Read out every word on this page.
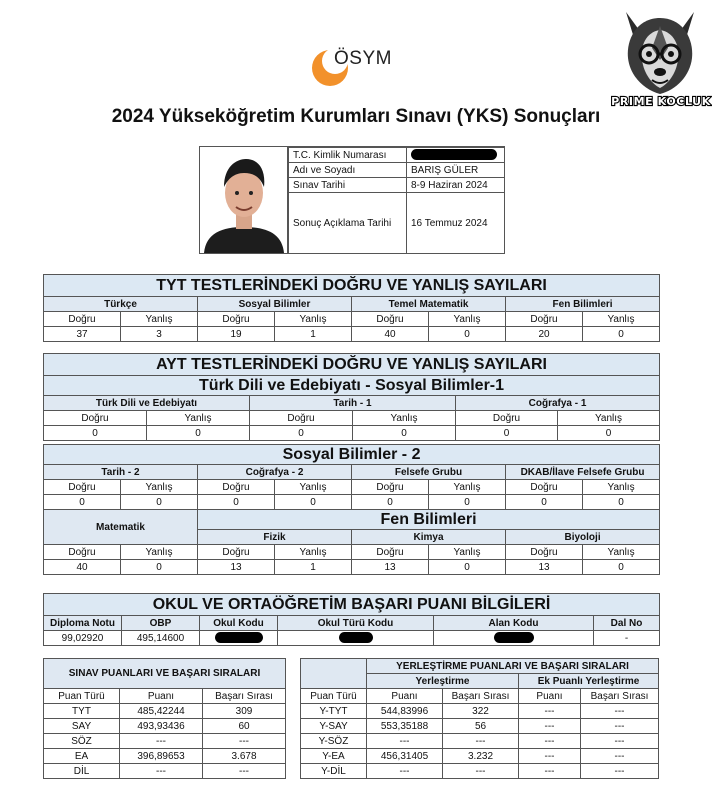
ÖSYM
PRIME KOCLUK
2024 Yükseköğretim Kurumları Sınavı (YKS) Sonuçları
T.C. Kimlik Numarası	
Adı ve Soyadı	BARIŞ GÜLER
Sınav Tarihi	8-9 Haziran 2024
Sonuç Açıklama Tarihi	16 Temmuz 2024
TYT TESTLERİNDEKİ DOĞRU VE YANLIŞ SAYILARI							
Türkçe		Sosyal Bilimler		Temel Matematik		Fen Bilimleri	
Doğru	Yanlış	Doğru	Yanlış	Doğru	Yanlış	Doğru	Yanlış
37	3	19	1	40	0	20	0
AYT TESTLERİNDEKİ DOĞRU VE YANLIŞ SAYILARI					
Türk Dili ve Edebiyatı - Sosyal Bilimler-1					
Türk Dili ve Edebiyatı		Tarih - 1		Coğrafya - 1	
Doğru	Yanlış	Doğru	Yanlış	Doğru	Yanlış
0	0	0	0	0	0
Sosyal Bilimler - 2							
Tarih - 2		Coğrafya - 2		Felsefe Grubu		DKAB/İlave Felsefe Grubu	
Doğru	Yanlış	Doğru	Yanlış	Doğru	Yanlış	Doğru	Yanlış
0	0	0	0	0	0	0	0
Matematik		Fen Bilimleri					
		Fizik		Kimya		Biyoloji	
Doğru	Yanlış	Doğru	Yanlış	Doğru	Yanlış	Doğru	Yanlış
40	0	13	1	13	0	13	0
OKUL VE ORTAÖĞRETİM BAŞARI PUANI BİLGİLERİ					
Diploma Notu	OBP	Okul Kodu	Okul Türü Kodu	Alan Kodu	Dal No
99,02920	495,14600				-
SINAV PUANLARI VE BAŞARI SIRALARI		
Puan Türü	Puanı	Başarı Sırası
TYT	485,42244	309
SAY	493,93436	60
SÖZ	---	---
EA	396,89653	3.678
DİL	---	---
	YERLEŞTİRME PUANLARI VE BAŞARI SIRALARI			
	Yerleştirme		Ek Puanlı Yerleştirme	
Puan Türü	Puanı	Başarı Sırası	Puanı	Başarı Sırası
Y-TYT	544,83996	322	---	---
Y-SAY	553,35188	56	---	---
Y-SÖZ	---	---	---	---
Y-EA	456,31405	3.232	---	---
Y-DİL	---	---	---	---
